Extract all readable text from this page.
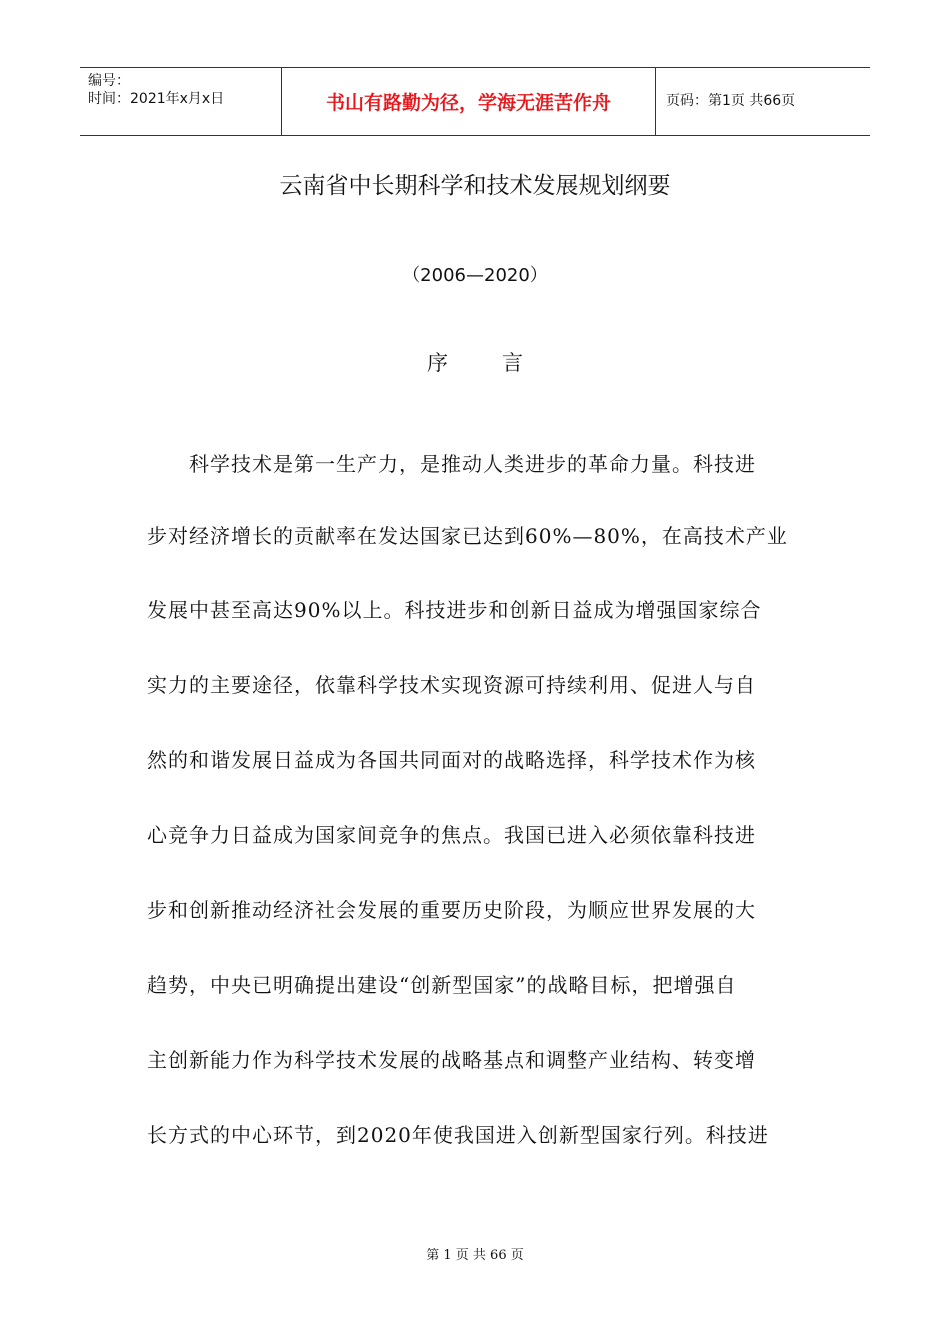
编号：
时间：2021年x月x日	书山有路勤为径，学海无涯苦作舟	页码：第1页 共66页
云南省中长期科学和技术发展规划纲要
（2006—2020）
序言
科学技术是第一生产力，是推动人类进步的革命力量。科技进
步对经济增长的贡献率在发达国家已达到60%—80%，在高技术产业
发展中甚至高达90%以上。科技进步和创新日益成为增强国家综合
实力的主要途径，依靠科学技术实现资源可持续利用、促进人与自
然的和谐发展日益成为各国共同面对的战略选择，科学技术作为核
心竞争力日益成为国家间竞争的焦点。我国已进入必须依靠科技进
步和创新推动经济社会发展的重要历史阶段，为顺应世界发展的大
趋势，中央已明确提出建设“创新型国家”的战略目标，把增强自
主创新能力作为科学技术发展的战略基点和调整产业结构、转变增
长方式的中心环节，到2020年使我国进入创新型国家行列。科技进
第 1 页 共 66 页
